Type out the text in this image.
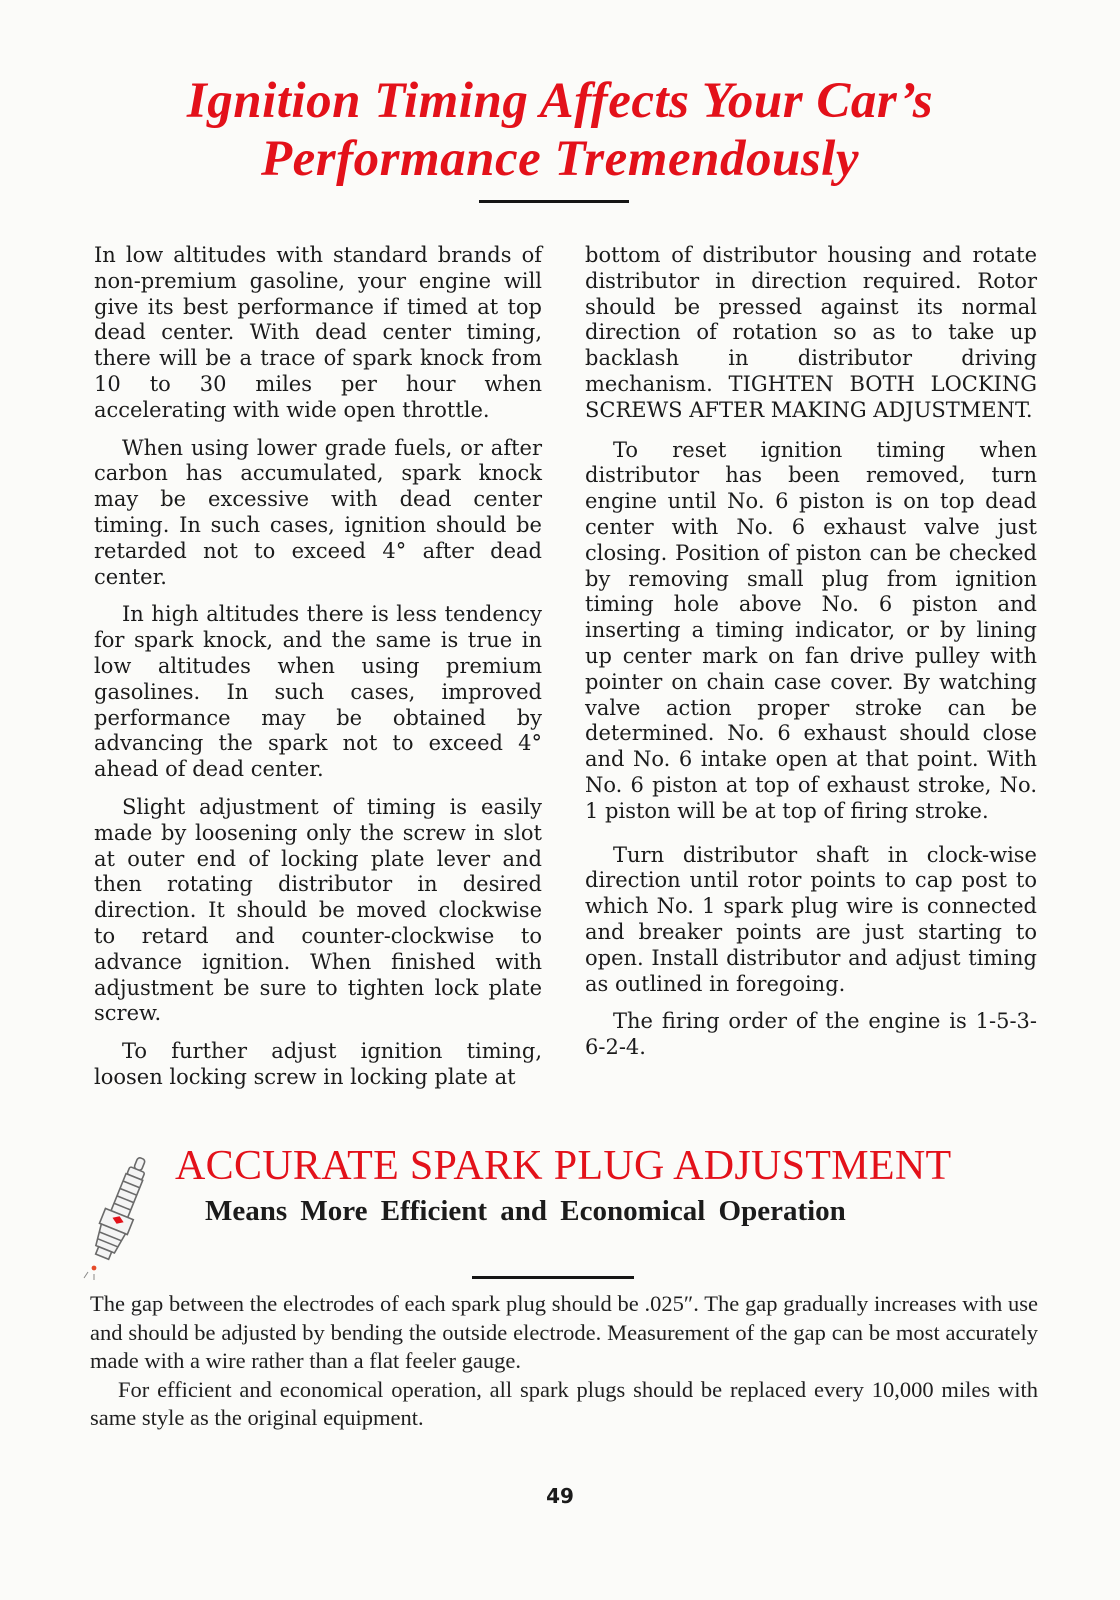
Ignition Timing Affects Your Car’s
Performance Tremendously

In low altitudes with standard brands of non-premium gasoline, your engine will give its best performance if timed at top dead center. With dead center timing, there will be a trace of spark knock from 10 to 30 miles per hour when accelerating with wide open throttle.

When using lower grade fuels, or after carbon has accumulated, spark knock may be excessive with dead center timing. In such cases, ignition should be retarded not to exceed 4° after dead center.

In high altitudes there is less tendency for spark knock, and the same is true in low altitudes when using premium gasolines. In such cases, improved performance may be obtained by advancing the spark not to exceed 4° ahead of dead center.

Slight adjustment of timing is easily made by loosening only the screw in slot at outer end of locking plate lever and then rotating distributor in desired direction. It should be moved clockwise to retard and counter-clockwise to advance ignition. When finished with adjustment be sure to tighten lock plate screw.

To further adjust ignition timing, loosen locking screw in locking plate at

bottom of distributor housing and rotate distributor in direction required. Rotor should be pressed against its normal direction of rotation so as to take up backlash in distributor driving mechanism. TIGHTEN BOTH LOCKING SCREWS AFTER MAKING ADJUSTMENT.

To reset ignition timing when distributor has been removed, turn engine until No. 6 piston is on top dead center with No. 6 exhaust valve just closing. Position of piston can be checked by removing small plug from ignition timing hole above No. 6 piston and inserting a timing indicator, or by lining up center mark on fan drive pulley with pointer on chain case cover. By watching valve action proper stroke can be determined. No. 6 exhaust should close and No. 6 intake open at that point. With No. 6 piston at top of exhaust stroke, No. 1 piston will be at top of firing stroke.

Turn distributor shaft in clock-wise direction until rotor points to cap post to which No. 1 spark plug wire is connected and breaker points are just starting to open. Install distributor and adjust timing as outlined in foregoing.

The firing order of the engine is 1-5-3-6-2-4.

ACCURATE SPARK PLUG ADJUSTMENT
Means More Efficient and Economical Operation

The gap between the electrodes of each spark plug should be .025″. The gap gradually increases with use and should be adjusted by bending the outside electrode. Measurement of the gap can be most accurately made with a wire rather than a flat feeler gauge.

For efficient and economical operation, all spark plugs should be replaced every 10,000 miles with same style as the original equipment.

49
